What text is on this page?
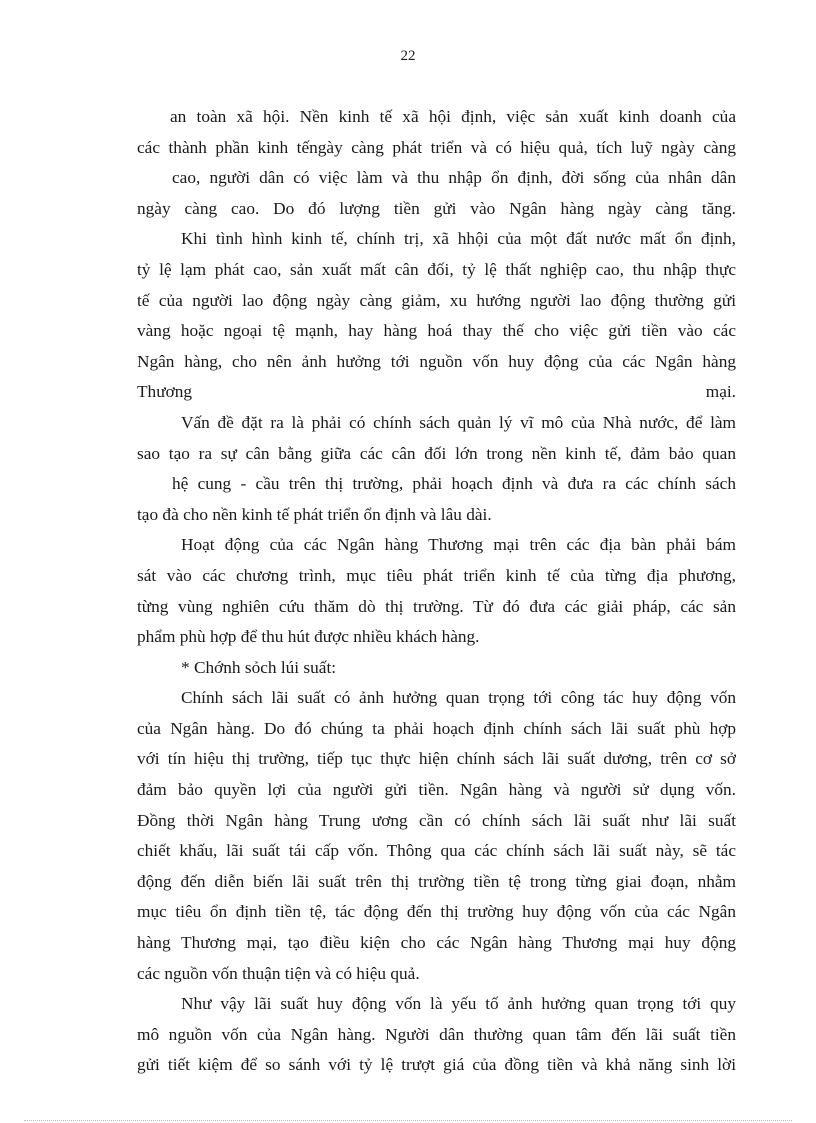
22
an toàn xã hội. Nền kinh tế xã hội định, việc sản xuất kinh doanh của
các thành phần kinh tếngày càng phát triển và có hiệu quả, tích luỹ ngày càng
cao, người dân có việc làm và thu nhập ổn định, đời sống của nhân dân
ngày càng cao. Do đó lượng tiền gửi vào Ngân hàng ngày càng tăng.
Khi tình hình kinh tế, chính trị, xã hhội của một đất nước mất ổn định,
tỷ lệ lạm phát cao, sản xuất mất cân đối, tỷ lệ thất nghiệp cao, thu nhập thực
tế của người lao động ngày càng giảm, xu hướng người lao động thường gửi
vàng hoặc ngoại tệ mạnh, hay hàng hoá thay thế cho việc gửi tiền vào các
Ngân hàng, cho nên ảnh hưởng tới nguồn vốn huy động của các Ngân hàng
Thương mại.
Vấn đề đặt ra là phải có chính sách quản lý vĩ mô của Nhà nước, để làm
sao tạo ra sự cân bằng giữa các cân đối lớn trong nền kinh tế, đảm bảo quan
hệ cung - cầu trên thị trường, phải hoạch định và đưa ra các chính sách
tạo đà cho nền kinh tế phát triển ổn định và lâu dài.
Hoạt động của các Ngân hàng Thương mại trên các địa bàn phải bám
sát vào các chương trình, mục tiêu phát triển kinh tế của từng địa phương,
từng vùng nghiên cứu thăm dò thị trường. Từ đó đưa các giải pháp, các sản
phẩm phù hợp để thu hút được nhiều khách hàng.
* Chớnh sỏch lúi suất:
Chính sách lãi suất có ảnh hưởng quan trọng tới công tác huy động vốn
của Ngân hàng. Do đó chúng ta phải hoạch định chính sách lãi suất phù hợp
với tín hiệu thị trường, tiếp tục thực hiện chính sách lãi suất dương, trên cơ sở
đảm bảo quyền lợi của người gửi tiền. Ngân hàng và người sử dụng vốn.
Đồng thời Ngân hàng Trung ương cần có chính sách lãi suất như lãi suất
chiết khấu, lãi suất tái cấp vốn. Thông qua các chính sách lãi suất này, sẽ tác
động đến diễn biến lãi suất trên thị trường tiền tệ trong từng giai đoạn, nhằm
mục tiêu ổn định tiền tệ, tác động đến thị trường huy động vốn của các Ngân
hàng Thương mại, tạo điều kiện cho các Ngân hàng Thương mại huy động
các nguồn vốn thuận tiện và có hiệu quả.
Như vậy lãi suất huy động vốn là yếu tố ảnh hưởng quan trọng tới quy
mô nguồn vốn của Ngân hàng. Người dân thường quan tâm đến lãi suất tiền
gửi tiết kiệm để so sánh với tỷ lệ trượt giá của đồng tiền và khả năng sinh lời
